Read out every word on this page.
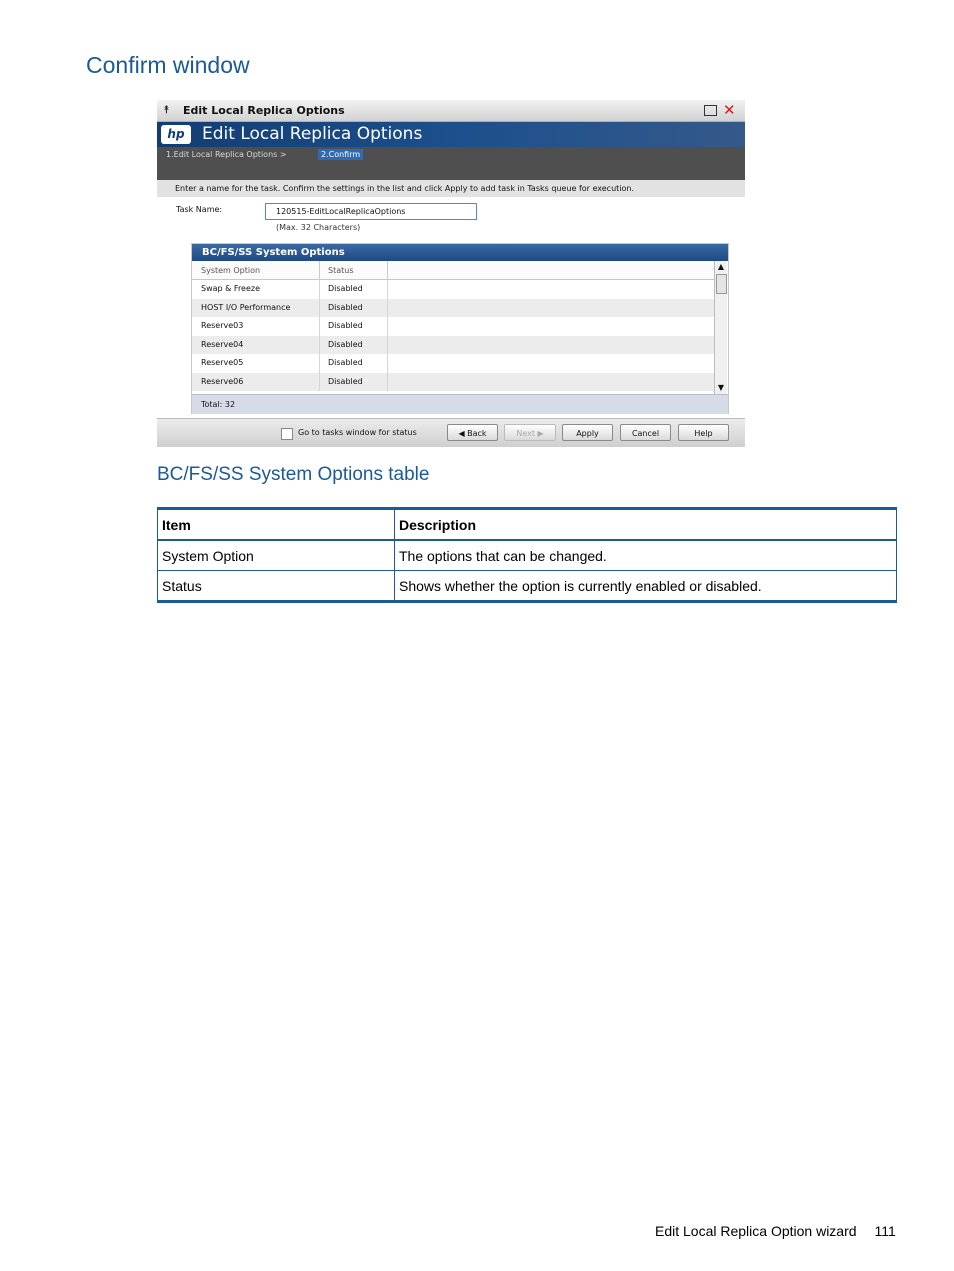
Confirm window
⯭ Edit Local Replica Options	✕
hp	Edit Local Replica Options
1.Edit Local Replica Options >	2.Confirm
Enter a name for the task. Confirm the settings in the list and click Apply to add task in Tasks queue for execution.
Task Name:	120515-EditLocalReplicaOptions
(Max. 32 Characters)
BC/FS/SS System Options
System Option	Status
Swap & Freeze	Disabled
HOST I/O Performance	Disabled
Reserve03	Disabled
Reserve04	Disabled
Reserve05	Disabled
Reserve06	Disabled
▲
▼
Total: 32
Go to tasks window for status	◀ Back	Next ▶	Apply	Cancel	Help
BC/FS/SS System Options table
Item	Description
System Option	The options that can be changed.
Status	Shows whether the option is currently enabled or disabled.
Edit Local Replica Option wizard 111
